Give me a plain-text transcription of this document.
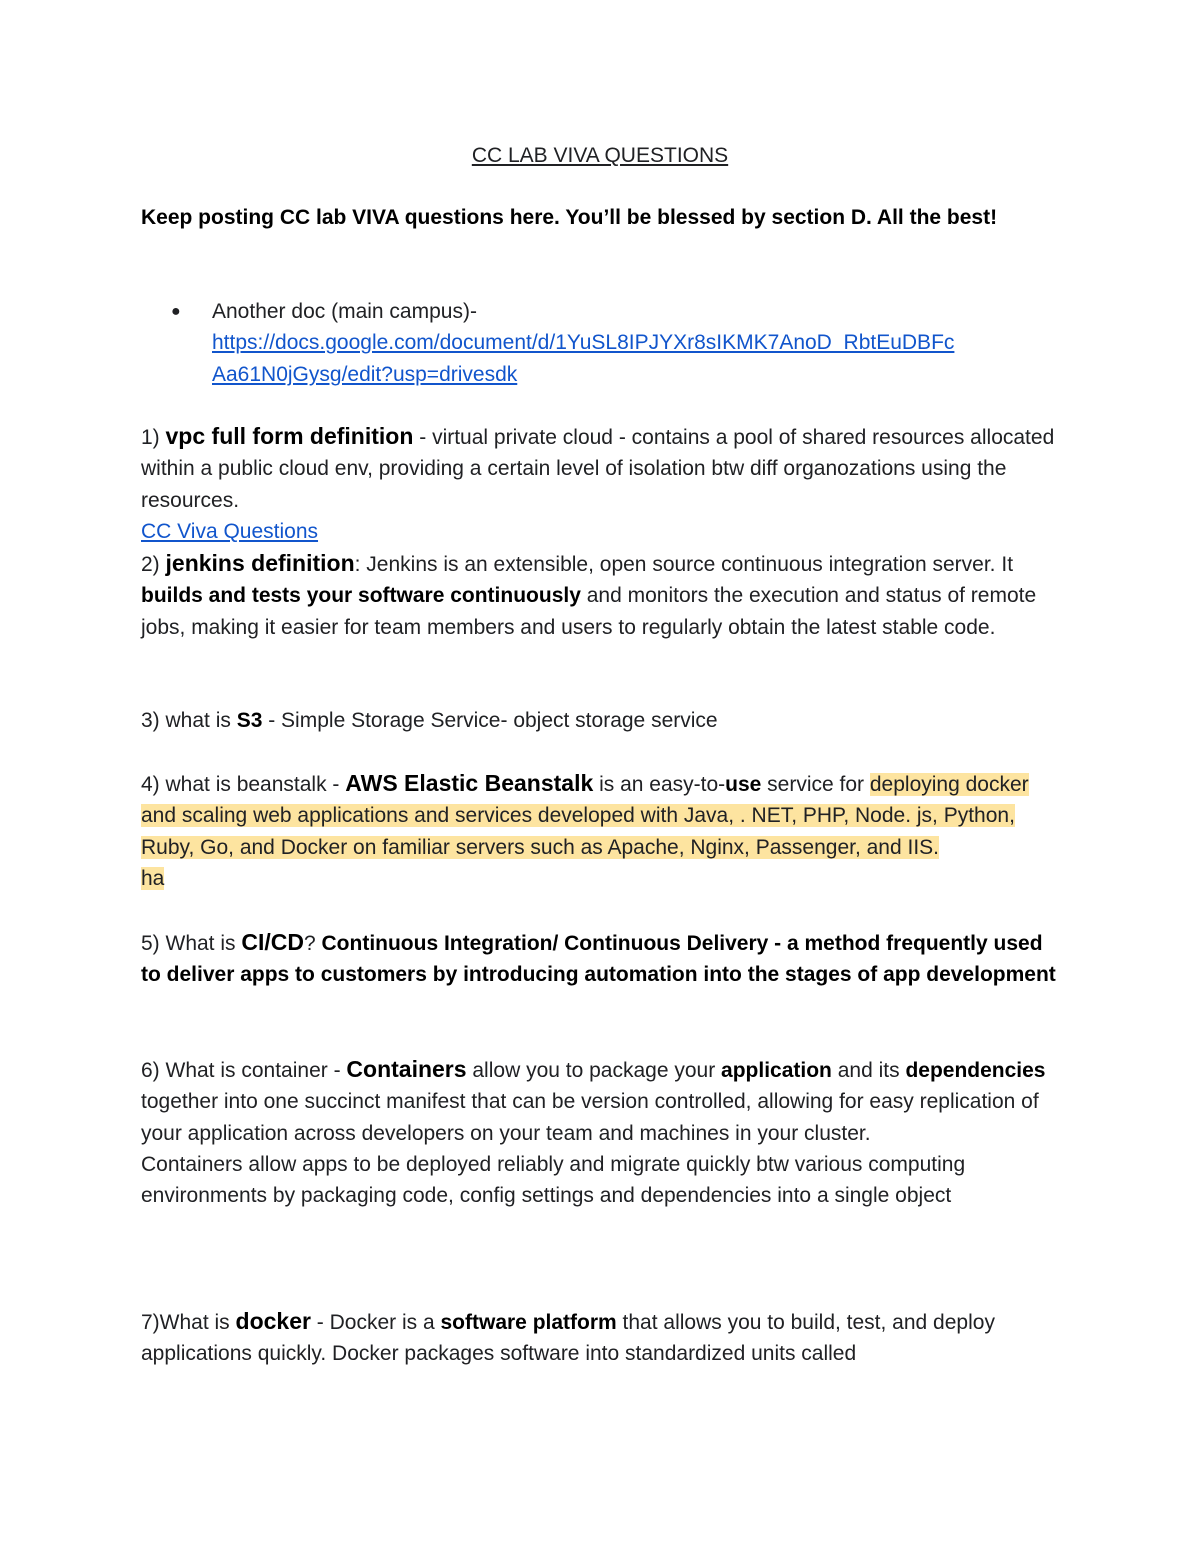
CC LAB VIVA QUESTIONS
Keep posting CC lab VIVA questions here. You’ll be blessed by section D. All the best!
● Another doc (main campus)-

https://docs.google.com/document/d/1YuSL8IPJYXr8sIKMK7AnoD_RbtEuDBFc

Aa61N0jGysg/edit?usp=drivesdk

1) vpc full form definition - virtual private cloud - contains a pool of shared resources allocated within a public cloud env, providing a certain level of isolation btw diff organozations using the resources.

CC Viva Questions

2) jenkins definition: Jenkins is an extensible, open source continuous integration server. It builds and tests your software continuously and monitors the execution and status of remote jobs, making it easier for team members and users to regularly obtain the latest stable code.
3) what is S3 - Simple Storage Service- object storage service
4) what is beanstalk - AWS Elastic Beanstalk is an easy-to-use service for deploying docker and scaling web applications and services developed with Java, . NET, PHP, Node. js, Python, Ruby, Go, and Docker on familiar servers such as Apache, Nginx, Passenger, and IIS.

ha

5) What is CI/CD? Continuous Integration/ Continuous Delivery - a method frequently used to deliver apps to customers by introducing automation into the stages of app development
6) What is container - Containers allow you to package your application and its dependencies together into one succinct manifest that can be version controlled, allowing for easy replication of your application across developers on your team and machines in your cluster.

Containers allow apps to be deployed reliably and migrate quickly btw various computing environments by packaging code, config settings and dependencies into a single object

7)What is docker - Docker is a software platform that allows you to build, test, and deploy applications quickly. Docker packages software into standardized units called
